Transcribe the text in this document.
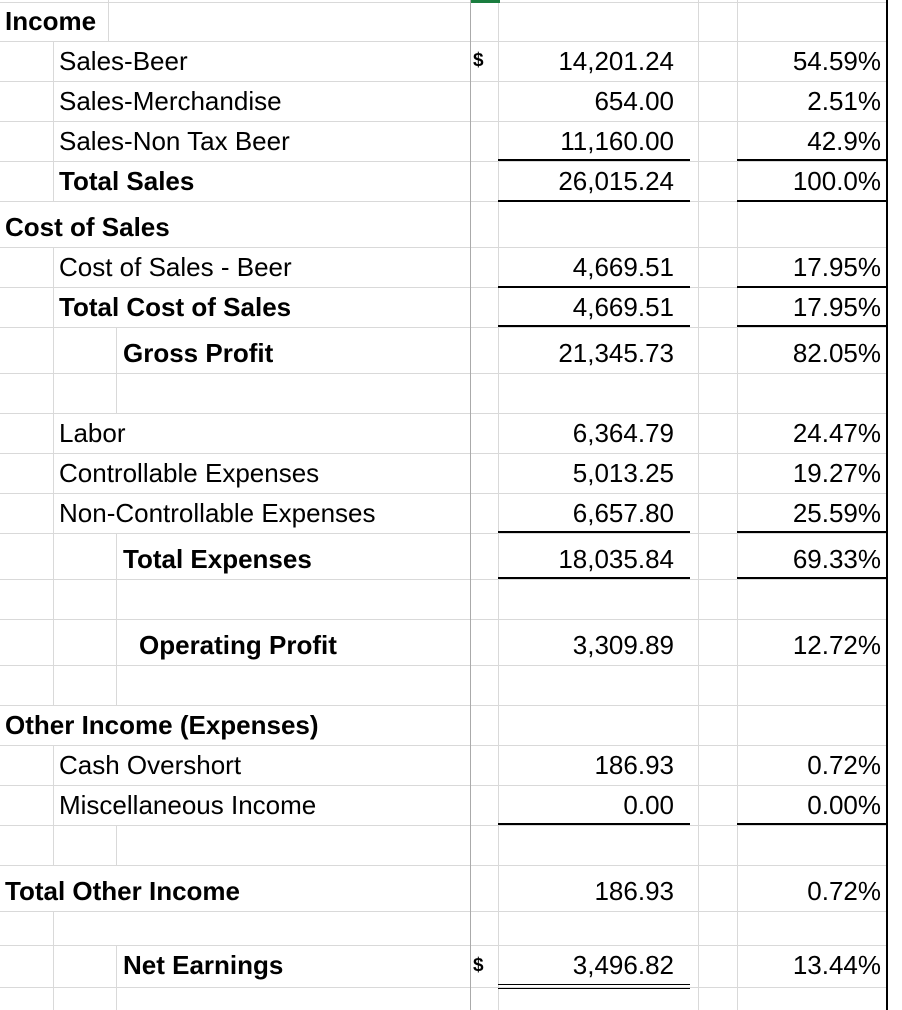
Income
Sales-Beer	$	14,201.24	54.59%
Sales-Merchandise	654.00	2.51%
Sales-Non Tax Beer	11,160.00	42.9%
Total Sales	26,015.24	100.0%
Cost of Sales
Cost of Sales - Beer	4,669.51	17.95%
Total Cost of Sales	4,669.51	17.95%
Gross Profit	21,345.73	82.05%
Labor	6,364.79	24.47%
Controllable Expenses	5,013.25	19.27%
Non-Controllable Expenses	6,657.80	25.59%
Total Expenses	18,035.84	69.33%
Operating Profit	3,309.89	12.72%
Other Income (Expenses)
Cash Overshort	186.93	0.72%
Miscellaneous Income	0.00	0.00%
Total Other Income	186.93	0.72%
Net Earnings	$	3,496.82	13.44%
